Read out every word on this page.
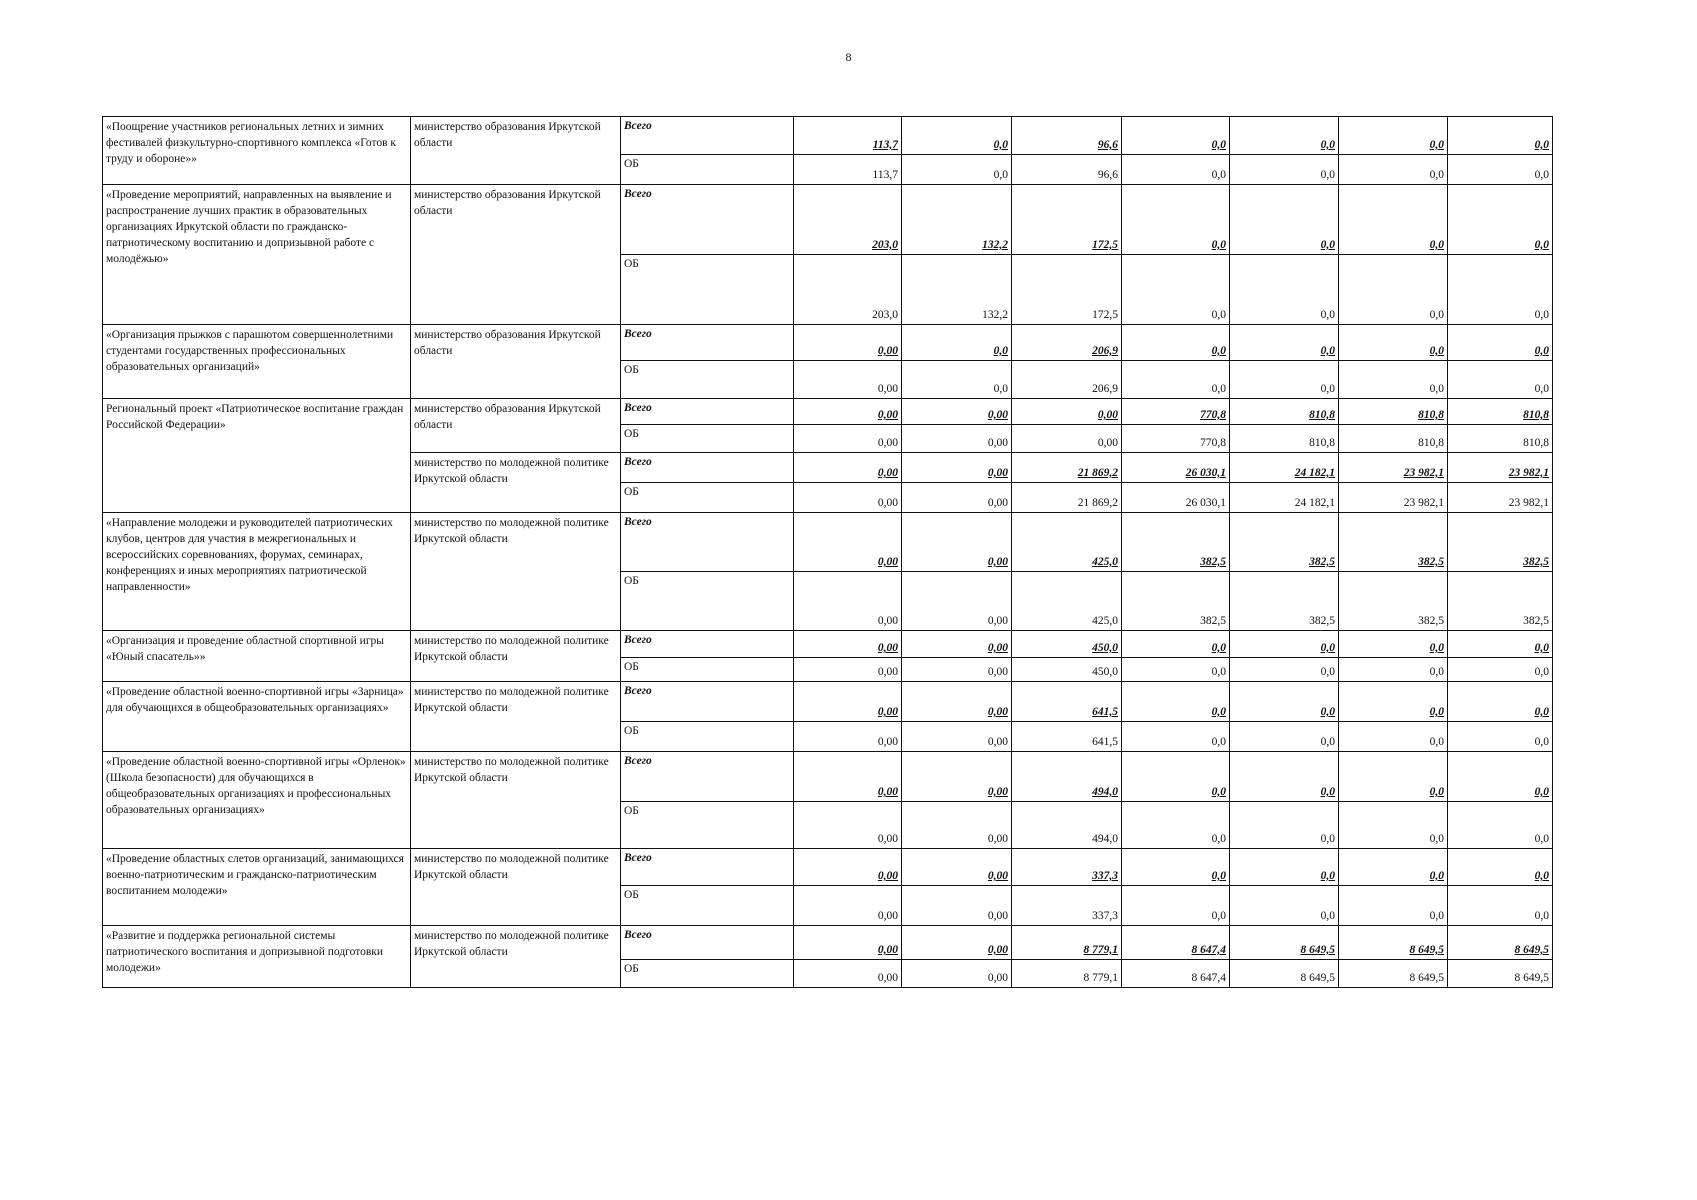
8
«Поощрение участников региональных летних и зимних фестивалей физкультурно-спортивного комплекса «Готов к труду и обороне»»	министерство образования Иркутской области	Всего	113,7	0,0	96,6	0,0	0,0	0,0	0,0
		ОБ	113,7	0,0	96,6	0,0	0,0	0,0	0,0
«Проведение мероприятий, направленных на выявление и распространение лучших практик в образовательных организациях Иркутской области по гражданско-патриотическому воспитанию и допризывной работе с молодёжью»	министерство образования Иркутской области	Всего	203,0	132,2	172,5	0,0	0,0	0,0	0,0
		ОБ	203,0	132,2	172,5	0,0	0,0	0,0	0,0
«Организация прыжков с парашютом совершеннолетними студентами государственных профессиональных образовательных организаций»	министерство образования Иркутской области	Всего	0,00	0,0	206,9	0,0	0,0	0,0	0,0
		ОБ	0,00	0,0	206,9	0,0	0,0	0,0	0,0
Региональный проект «Патриотическое воспитание граждан Российской Федерации»	министерство образования Иркутской области	Всего	0,00	0,00	0,00	770,8	810,8	810,8	810,8
		ОБ	0,00	0,00	0,00	770,8	810,8	810,8	810,8
	министерство по молодежной политике Иркутской области	Всего	0,00	0,00	21 869,2	26 030,1	24 182,1	23 982,1	23 982,1
		ОБ	0,00	0,00	21 869,2	26 030,1	24 182,1	23 982,1	23 982,1
«Направление молодежи и руководителей патриотических клубов, центров для участия в межрегиональных и всероссийских соревнованиях, форумах, семинарах, конференциях и иных мероприятиях патриотической направленности»	министерство по молодежной политике Иркутской области	Всего	0,00	0,00	425,0	382,5	382,5	382,5	382,5
		ОБ	0,00	0,00	425,0	382,5	382,5	382,5	382,5
«Организация и проведение областной спортивной игры «Юный спасатель»»	министерство по молодежной политике Иркутской области	Всего	0,00	0,00	450,0	0,0	0,0	0,0	0,0
		ОБ	0,00	0,00	450,0	0,0	0,0	0,0	0,0
«Проведение областной военно-спортивной игры «Зарница» для обучающихся в общеобразовательных организациях»	министерство по молодежной политике Иркутской области	Всего	0,00	0,00	641,5	0,0	0,0	0,0	0,0
		ОБ	0,00	0,00	641,5	0,0	0,0	0,0	0,0
«Проведение областной военно-спортивной игры «Орленок» (Школа безопасности) для обучающихся в общеобразовательных организациях и профессиональных образовательных организациях»	министерство по молодежной политике Иркутской области	Всего	0,00	0,00	494,0	0,0	0,0	0,0	0,0
		ОБ	0,00	0,00	494,0	0,0	0,0	0,0	0,0
«Проведение областных слетов организаций, занимающихся военно-патриотическим и гражданско-патриотическим воспитанием молодежи»	министерство по молодежной политике Иркутской области	Всего	0,00	0,00	337,3	0,0	0,0	0,0	0,0
		ОБ	0,00	0,00	337,3	0,0	0,0	0,0	0,0
«Развитие и поддержка региональной системы патриотического воспитания и допризывной подготовки молодежи»	министерство по молодежной политике Иркутской области	Всего	0,00	0,00	8 779,1	8 647,4	8 649,5	8 649,5	8 649,5
		ОБ	0,00	0,00	8 779,1	8 647,4	8 649,5	8 649,5	8 649,5
